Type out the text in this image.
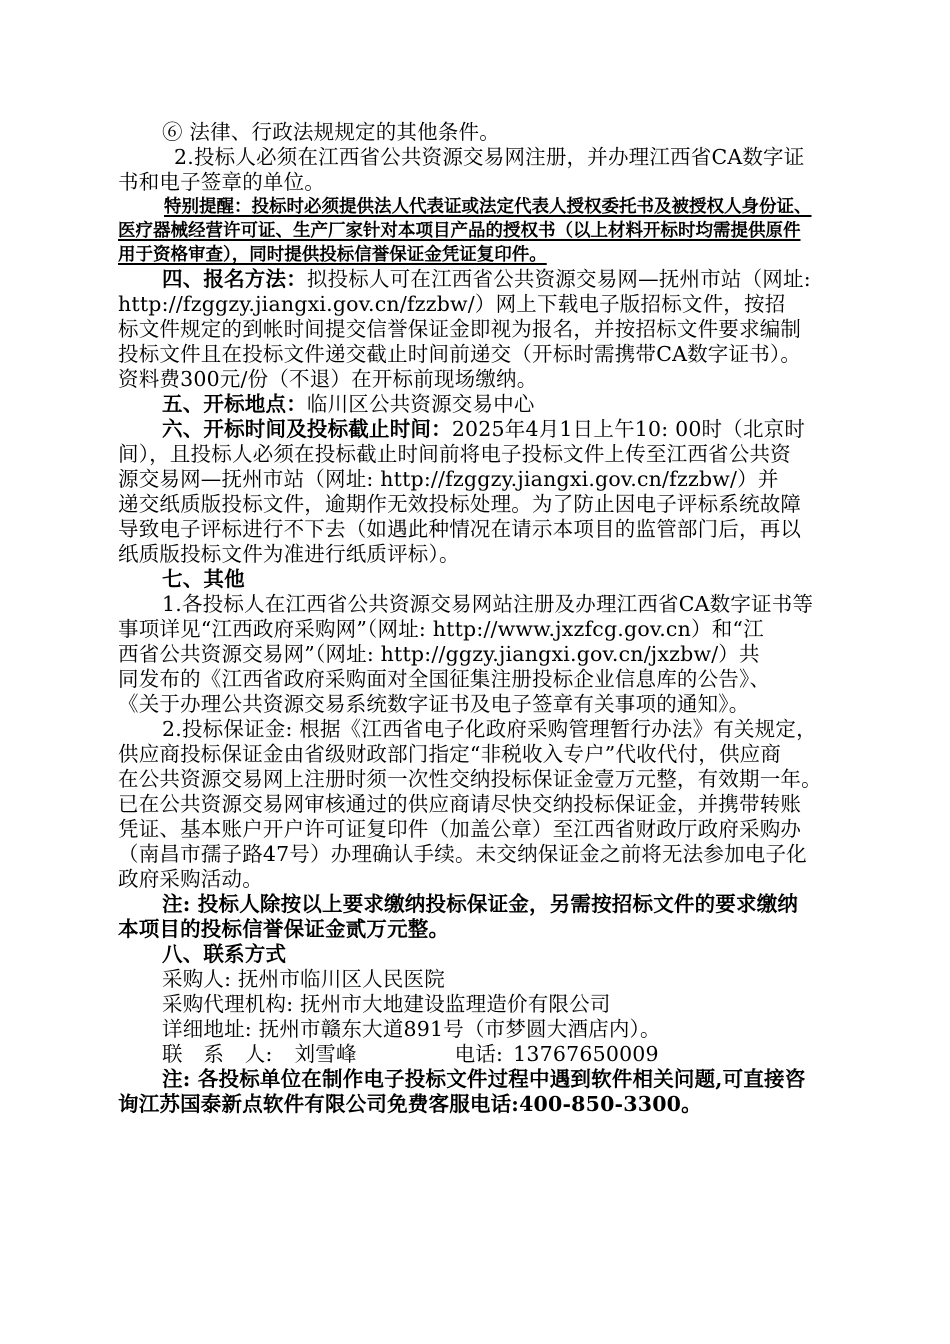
⑥ 法律、行政法规规定的其他条件。
2.投标人必须在江西省公共资源交易网注册，并办理江西省CA数字证
书和电子签章的单位。
特别提醒：投标时必须提供法人代表证或法定代表人授权委托书及被授权人身份证、
医疗器械经营许可证、生产厂家针对本项目产品的授权书（以上材料开标时均需提供原件
用于资格审查），同时提供投标信誉保证金凭证复印件。
四、报名方法：拟投标人可在江西省公共资源交易网—抚州市站（网址:
http://fzggzy.jiangxi.gov.cn/fzzbw/）网上下载电子版招标文件，按招
标文件规定的到帐时间提交信誉保证金即视为报名，并按招标文件要求编制
投标文件且在投标文件递交截止时间前递交（开标时需携带CA数字证书）。
资料费300元/份（不退）在开标前现场缴纳。
五、开标地点：临川区公共资源交易中心
六、开标时间及投标截止时间：2025年4月1日上午10: 00时（北京时
间），且投标人必须在投标截止时间前将电子投标文件上传至江西省公共资
源交易网—抚州市站（网址: http://fzggzy.jiangxi.gov.cn/fzzbw/）并
递交纸质版投标文件，逾期作无效投标处理。为了防止因电子评标系统故障
导致电子评标进行不下去（如遇此种情况在请示本项目的监管部门后，再以
纸质版投标文件为准进行纸质评标）。
七、其他
1.各投标人在江西省公共资源交易网站注册及办理江西省CA数字证书等
事项详见“江西政府采购网”（网址: http://www.jxzfcg.gov.cn）和“江
西省公共资源交易网”（网址: http://ggzy.jiangxi.gov.cn/jxzbw/）共
同发布的《江西省政府采购面对全国征集注册投标企业信息库的公告》、
《关于办理公共资源交易系统数字证书及电子签章有关事项的通知》。
2.投标保证金: 根据《江西省电子化政府采购管理暂行办法》有关规定，
供应商投标保证金由省级财政部门指定“非税收入专户”代收代付，供应商
在公共资源交易网上注册时须一次性交纳投标保证金壹万元整，有效期一年。
已在公共资源交易网审核通过的供应商请尽快交纳投标保证金，并携带转账
凭证、基本账户开户许可证复印件（加盖公章）至江西省财政厅政府采购办
（南昌市孺子路47号）办理确认手续。未交纳保证金之前将无法参加电子化
政府采购活动。
注: 投标人除按以上要求缴纳投标保证金，另需按招标文件的要求缴纳
本项目的投标信誉保证金贰万元整。
八、联系方式
采购人: 抚州市临川区人民医院
采购代理机构: 抚州市大地建设监理造价有限公司
详细地址: 抚州市赣东大道891号（市梦圆大酒店内）。
联　系　人: 刘雪峰	电话: 13767650009
注: 各投标单位在制作电子投标文件过程中遇到软件相关问题,可直接咨
询江苏国泰新点软件有限公司免费客服电话:400-850-3300。
